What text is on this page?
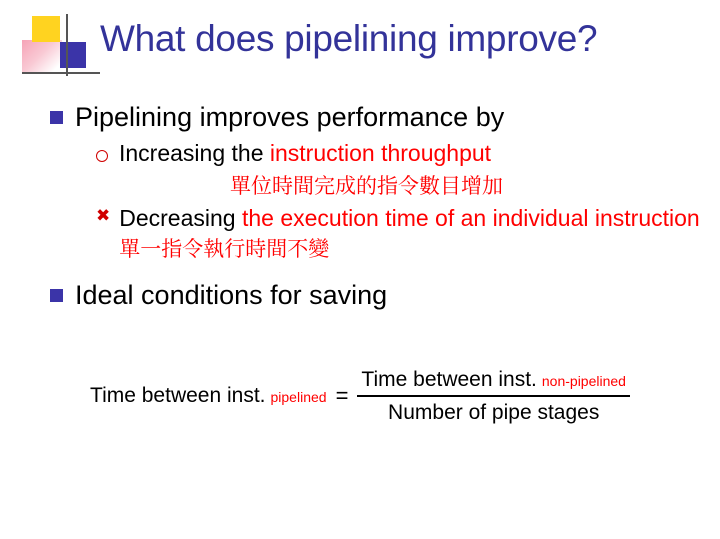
What does pipelining improve?
Pipelining improves performance by
Increasing the instruction throughput
單位時間完成的指令數目增加
✖ Decreasing the execution time of an individual instruction單一指令執行時間不變
Ideal conditions for saving
Time between inst. pipelined = $\frac{\text{Time between inst. non-pipelined}}{\text{Number of pipe stages}}$
